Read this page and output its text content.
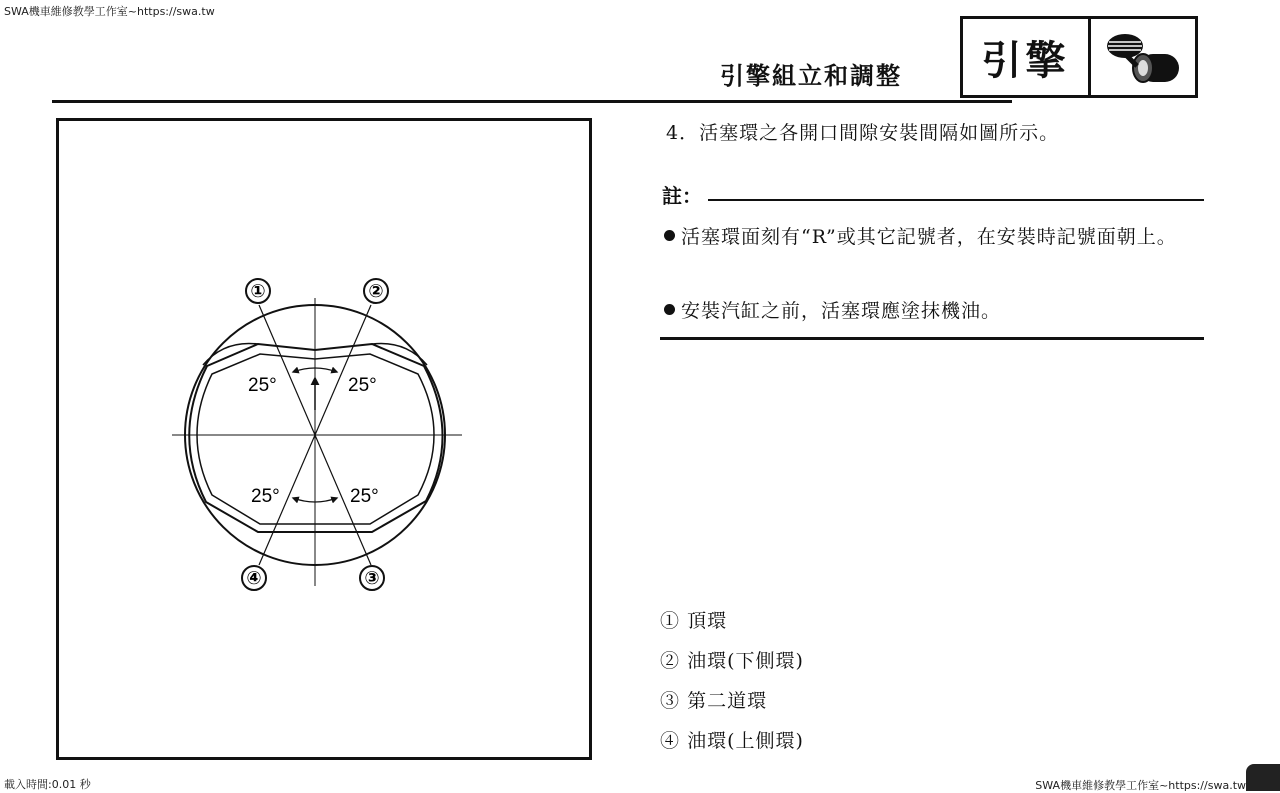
SWA機車維修教學工作室~https://swa.tw
引擎組立和調整	引擎
①	②
③
④
25°	25°
25°	25°
4．活塞環之各開口間隙安裝間隔如圖所示。
註：
活塞環面刻有“R”或其它記號者，在安裝時記號面朝上。
安裝汽缸之前，活塞環應塗抹機油。
① 頂環
② 油環(下側環)
③ 第二道環
④ 油環(上側環)
載入時間:0.01 秒	SWA機車維修教學工作室~https://swa.tw
